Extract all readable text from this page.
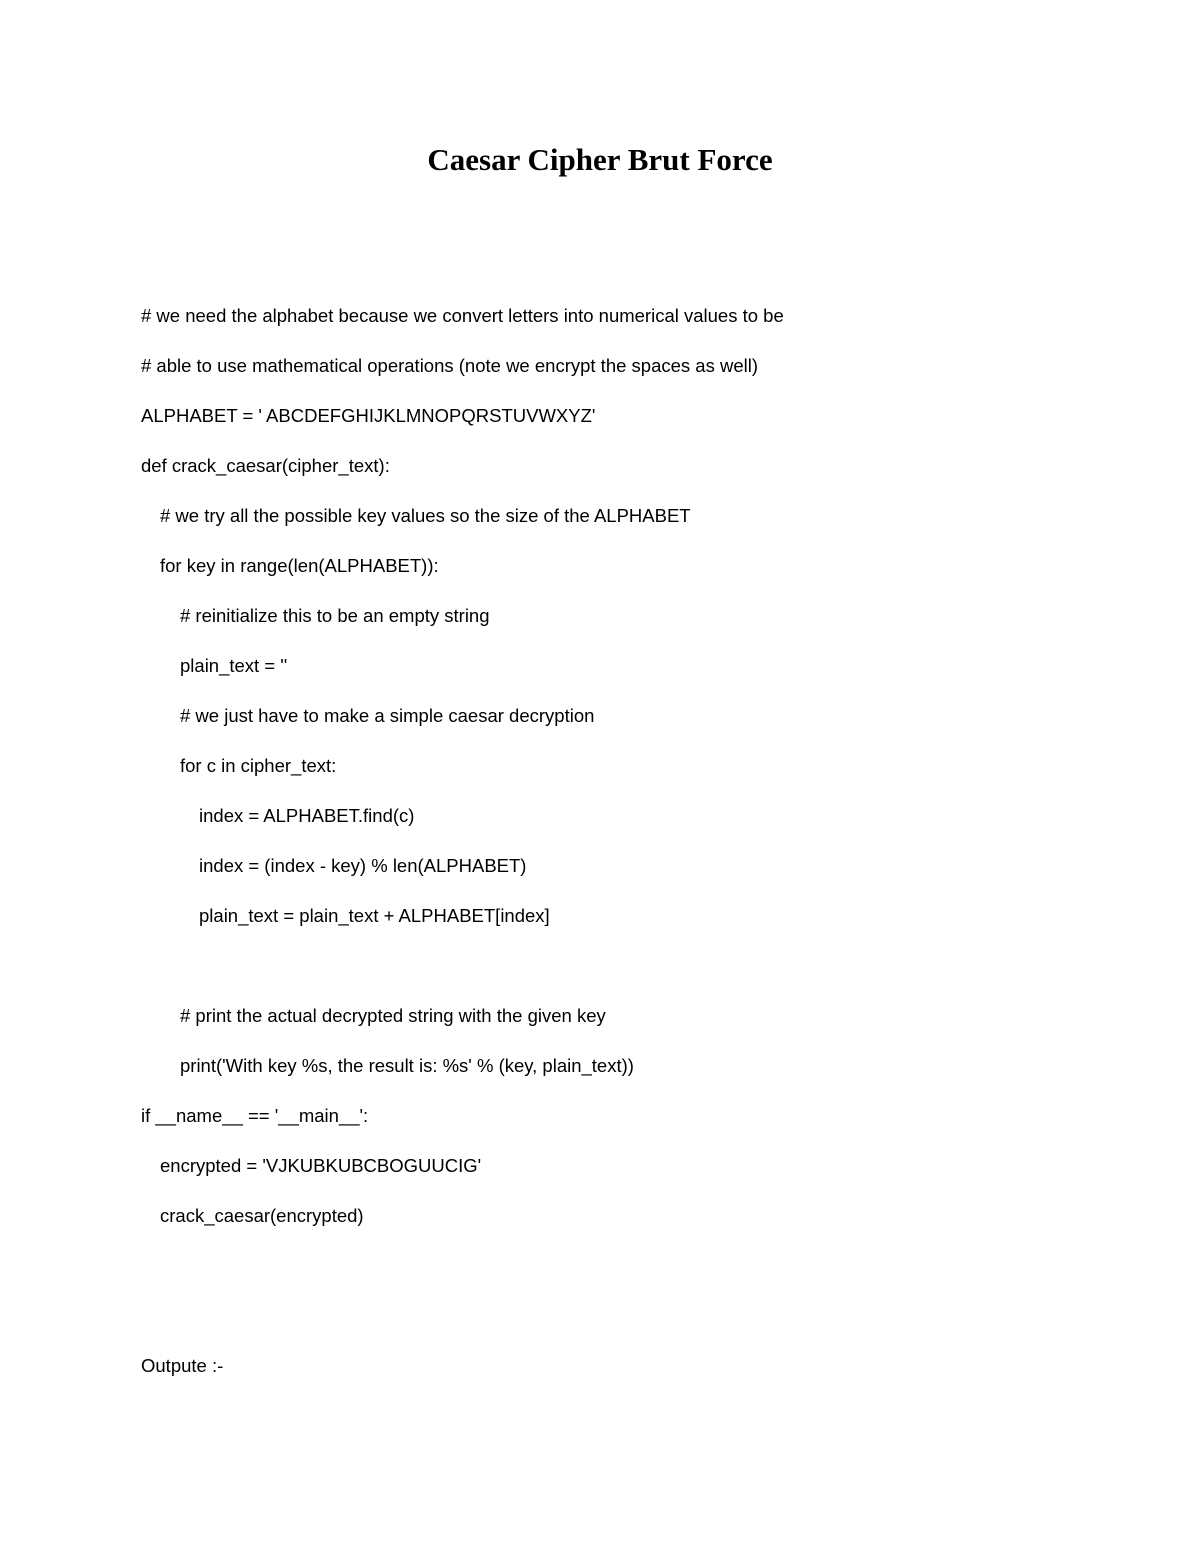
Caesar Cipher Brut Force
# we need the alphabet because we convert letters into numerical values to be
# able to use mathematical operations (note we encrypt the spaces as well)
ALPHABET = ' ABCDEFGHIJKLMNOPQRSTUVWXYZ'
def crack_caesar(cipher_text):
# we try all the possible key values so the size of the ALPHABET
for key in range(len(ALPHABET)):
# reinitialize this to be an empty string
plain_text = ''
# we just have to make a simple caesar decryption
for c in cipher_text:
index = ALPHABET.find(c)
index = (index - key) % len(ALPHABET)
plain_text = plain_text + ALPHABET[index]
# print the actual decrypted string with the given key
print('With key %s, the result is: %s' % (key, plain_text))
if __name__ == '__main__':
encrypted = 'VJKUBKUBCBOGUUCIG'
crack_caesar(encrypted)
Outpute :-
